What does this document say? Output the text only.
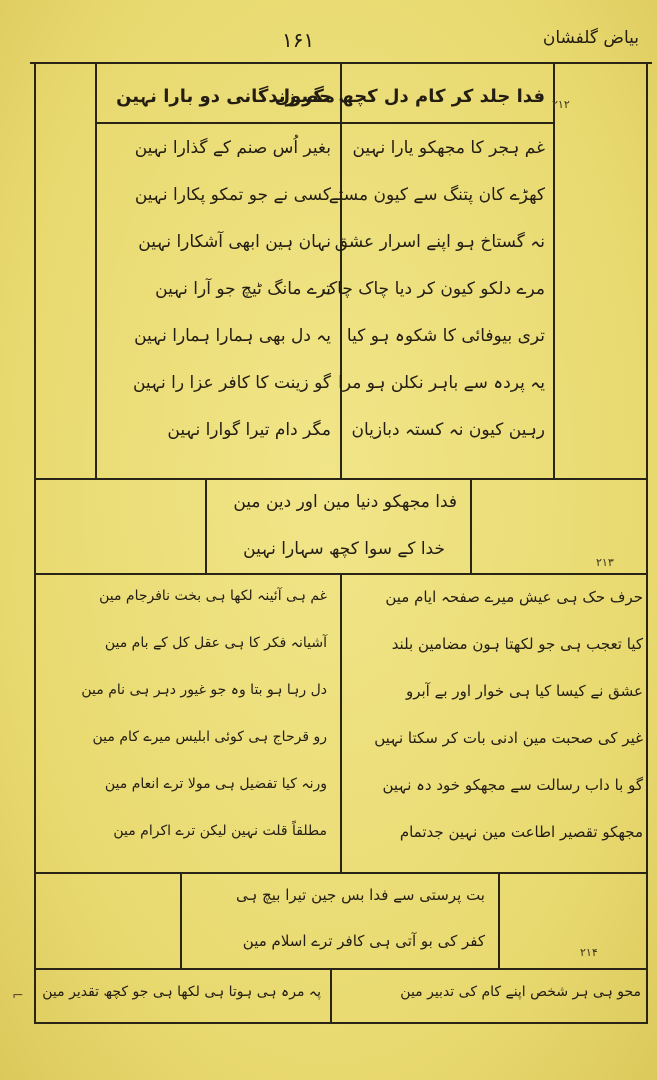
بیاض گلفشان
۱۶۱
۲۱۲
فدا جلد کر کام دل کچھ حصول
مگر زندگانی دو بارا نہین
غم ہجر کا مجھکو یارا نہین
کھڑے کان پتنگ سے کیون مستے
نہ گستاخ ہو اپنے اسرار عشق
مرے دلکو کیون کر دیا چاک چاک
تری بیوفائی کا شکوہ ہو کیا
یہ پردہ سے باہر نکلن ہو مرا
رہین کیون نہ کستہ دبازیان
بغیر اُس صنم کے گذارا نہین
کسی نے جو تمکو پکارا نہین
نہان ہین ابھی آشکارا نہین
ترے مانگ ٹیچ جو آرا نہین
یہ دل بھی ہمارا ہمارا نہین
گو زینت کا کافر عزا را نہین
مگر دام تیرا گوارا نہین
فدا مجھکو دنیا مین اور دین مین
خدا کے سوا کچھ سہارا نہین
۲۱۳
حرف حک ہی عیش میرے صفحہ ایام مین
کیا تعجب ہی جو لکھتا ہون مضامین بلند
عشق نے کیسا کیا ہی خوار اور بے آبرو
غیر کی صحبت مین ادنی بات کر سکتا نہیں
گو با داب رسالت سے مجھکو خود دہ نہین
مجھکو تقصیر اطاعت مین نہین جدتمام
غم ہی آئینہ لکھا ہی بخت نافرجام مین
آشیانہ فکر کا ہی عقل کل کے بام مین
دل رہا ہو بتا وہ جو غیور دہر ہی نام مین
رو قرحاج ہی کوئی ابلیس میرے کام مین
ورنہ کیا تفضیل ہی مولا ترے انعام مین
مطلقاً قلت نہین لیکن ترے اکرام مین
بت پرستی سے فدا بس جین تیرا بیچ ہی
کفر کی بو آتی ہی کافر ترے اسلام مین
۲۱۴
محو ہی ہر شخص اپنے کام کی تدبیر مین
پہ مرہ ہی ہوتا ہی لکھا ہی جو کچھ تقدیر مین
⌐
